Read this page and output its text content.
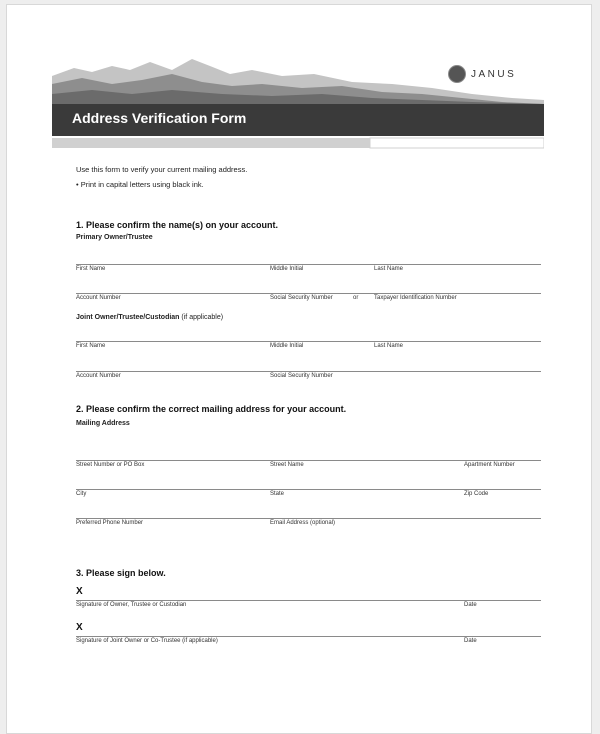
Address Verification Form
JANUS
Use this form to verify your current mailing address.
• Print in capital letters using black ink.
1. Please confirm the name(s) on your account.
Primary Owner/Trustee
First Name	Middle Initial	Last Name
Account Number	Social Security Number	or	Taxpayer Identification Number
Joint Owner/Trustee/Custodian (if applicable)
First Name	Middle Initial	Last Name
Account Number	Social Security Number
2. Please confirm the correct mailing address for your account.
Mailing Address
Street Number or PO Box	Street Name	Apartment Number
City	State	Zip Code
Preferred Phone Number	Email Address (optional)
3. Please sign below.
X
Signature of Owner, Trustee or Custodian	Date
X
Signature of Joint Owner or Co-Trustee (if applicable)	Date
